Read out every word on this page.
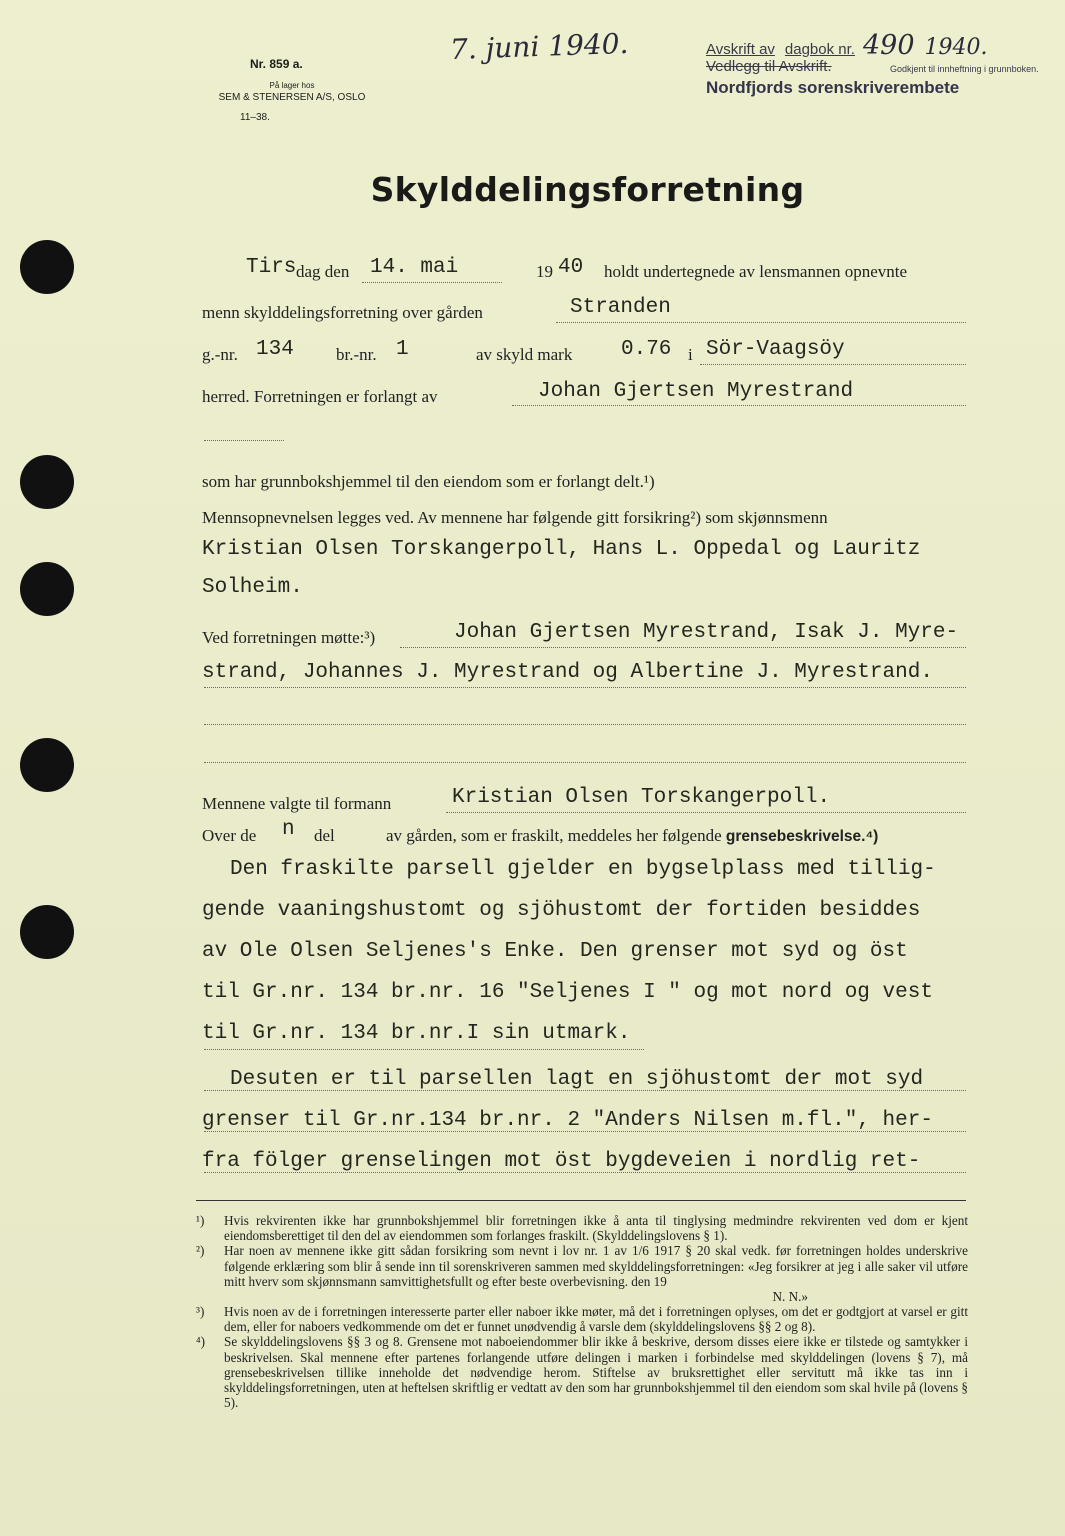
Nr. 859 a.
På lager hos
SEM & STENERSEN A/S, OSLO
11–38.
7. juni 1940.	Avskrift av dagbok nr. 490 1940.
Vedlegg til Avskrift.	Godkjent til innheftning i grunnboken.
Nordfjords sorenskriverembete
Skylddelingsforretning
Tirs dag den 14. mai	19 40 holdt undertegnede av lensmannen opnevnte
menn skylddelingsforretning over gården	Stranden
g.-nr. 134 br.-nr. 1	av skyld mark 0.76 i Sör-Vaagsöy
herred. Forretningen er forlangt av	Johan Gjertsen Myrestrand
som har grunnbokshjemmel til den eiendom som er forlangt delt.¹)
Mennsopnevnelsen legges ved. Av mennene har følgende gitt forsikring²) som skjønnsmenn
Kristian Olsen Torskangerpoll, Hans L. Oppedal og Lauritz
Solheim.
Ved forretningen møtte:³)	Johan Gjertsen Myrestrand, Isak J. Myre-
strand, Johannes J. Myrestrand og Albertine J. Myrestrand.
Mennene valgte til formann	Kristian Olsen Torskangerpoll.
Over de n del	av gården, som er fraskilt, meddeles her følgende grensebeskrivelse.⁴)
Den fraskilte parsell gjelder en bygselplass med tillig-
gende vaaningshustomt og sjöhustomt der fortiden besiddes
av Ole Olsen Seljenes's Enke. Den grenser mot syd og öst
til Gr.nr. 134 br.nr. 16 "Seljenes I " og mot nord og vest
til Gr.nr. 134 br.nr.I sin utmark.
Desuten er til parsellen lagt en sjöhustomt der mot syd
grenser til Gr.nr.134 br.nr. 2 "Anders Nilsen m.fl.", her-
fra fölger grenselingen mot öst bygdeveien i nordlig ret-
¹)	Hvis rekvirenten ikke har grunnbokshjemmel blir forretningen ikke å anta til tinglysing medmindre rekvirenten ved dom er kjent eiendomsberettiget til den del av eiendommen som forlanges fraskilt. (Skylddelingslovens § 1).
²)	Har noen av mennene ikke gitt sådan forsikring som nevnt i lov nr. 1 av 1/6 1917 § 20 skal vedk. før forretningen holdes underskrive følgende erklæring som blir å sende inn til sorenskriveren sammen med skylddelingsforretningen: «Jeg forsikrer at jeg i alle saker vil utføre mitt hverv som skjønnsmann samvittighetsfullt og efter beste overbevisning. den 19
N. N.»
³)	Hvis noen av de i forretningen interesserte parter eller naboer ikke møter, må det i forretningen oplyses, om det er godtgjort at varsel er gitt dem, eller for naboers vedkommende om det er funnet unødvendig å varsle dem (skylddelingslovens §§ 2 og 8).
⁴)	Se skylddelingslovens §§ 3 og 8. Grensene mot naboeiendommer blir ikke å beskrive, dersom disses eiere ikke er tilstede og samtykker i beskrivelsen. Skal mennene efter partenes forlangende utføre delingen i marken i forbindelse med skylddelingen (lovens § 7), må grensebeskrivelsen tillike inneholde det nødvendige herom. Stiftelse av bruksrettighet eller servitutt må ikke tas inn i skylddelingsforretningen, uten at heftelsen skriftlig er vedtatt av den som har grunnbokshjemmel til den eiendom som skal hvile på (lovens § 5).
